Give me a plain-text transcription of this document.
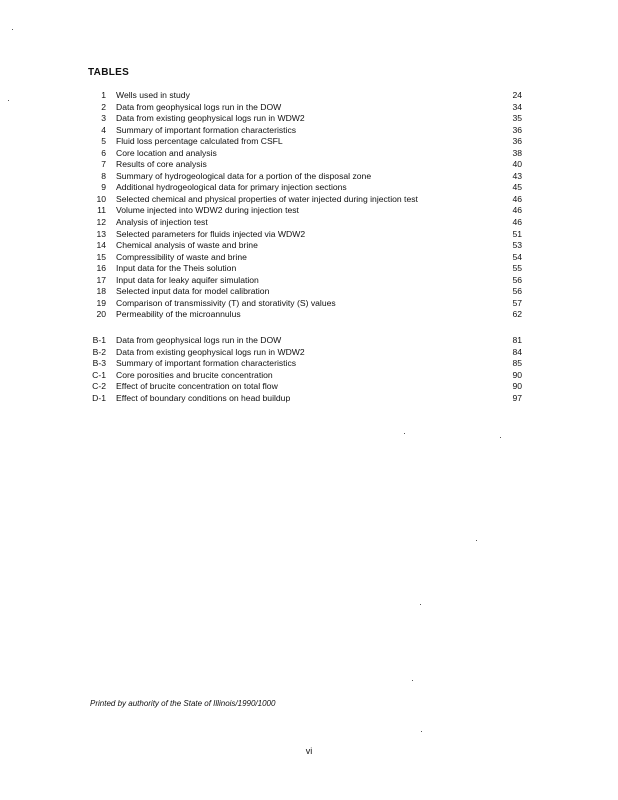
TABLES
1	Wells used in study	24
2	Data from geophysical logs run in the DOW	34
3	Data from existing geophysical logs run in WDW2	35
4	Summary of important formation characteristics	36
5	Fluid loss percentage calculated from CSFL	36
6	Core location and analysis	38
7	Results of core analysis	40
8	Summary of hydrogeological data for a portion of the disposal zone	43
9	Additional hydrogeological data for primary injection sections	45
10	Selected chemical and physical properties of water injected during injection test	46
11	Volume injected into WDW2 during injection test	46
12	Analysis of injection test	46
13	Selected parameters for fluids injected via WDW2	51
14	Chemical analysis of waste and brine	53
15	Compressibility of waste and brine	54
16	Input data for the Theis solution	55
17	Input data for leaky aquifer simulation	56
18	Selected input data for model calibration	56
19	Comparison of transmissivity (T) and storativity (S) values	57
20	Permeability of the microannulus	62
B-1	Data from geophysical logs run in the DOW	81
B-2	Data from existing geophysical logs run in WDW2	84
B-3	Summary of important formation characteristics	85
C-1	Core porosities and brucite concentration	90
C-2	Effect of brucite concentration on total flow	90
D-1	Effect of boundary conditions on head buildup	97
Printed by authority of the State of Illinois/1990/1000
vi
